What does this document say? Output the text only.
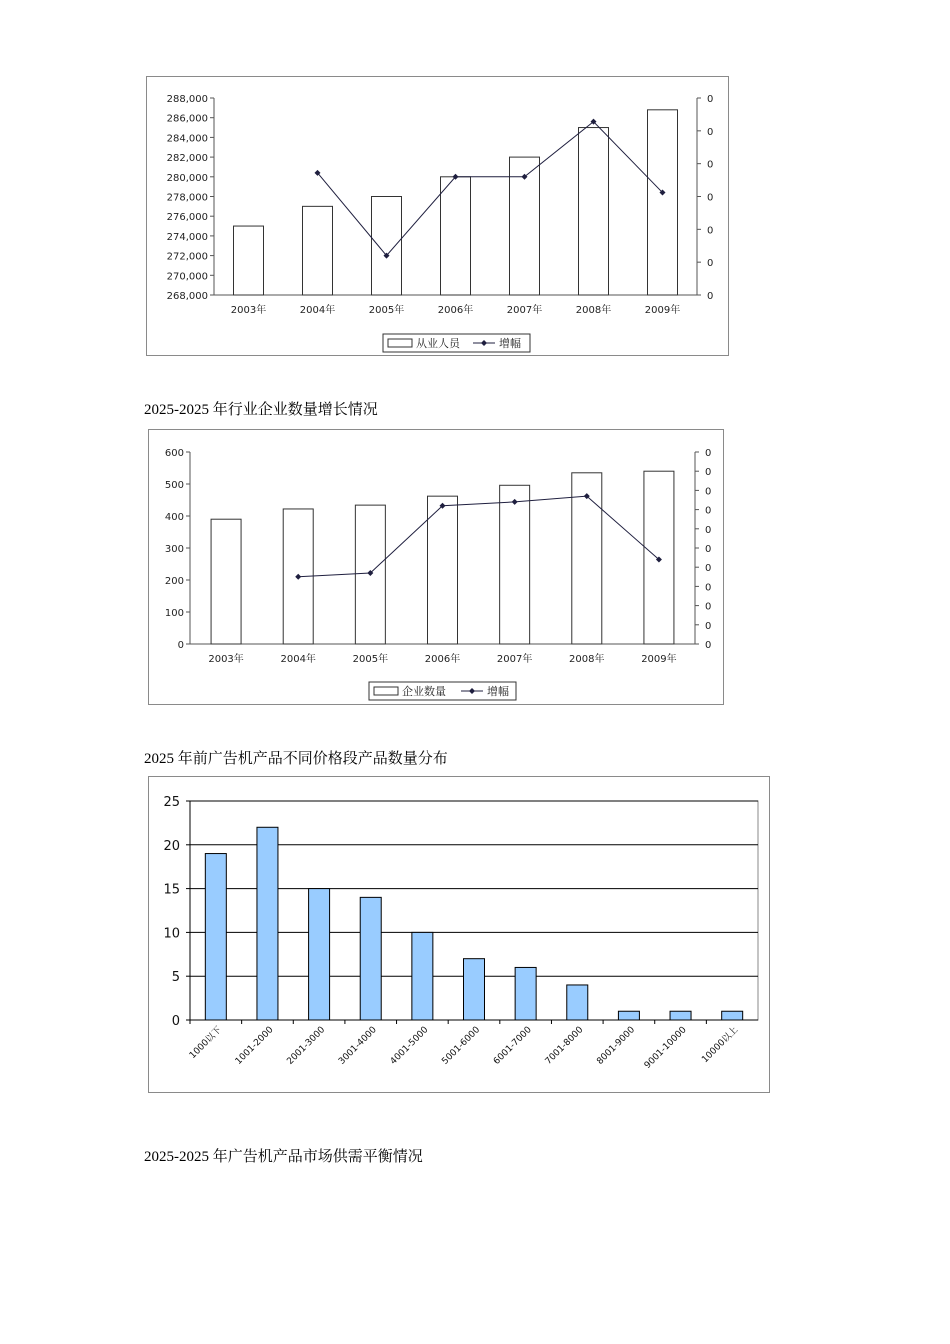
268,000
270,000
272,000
274,000
276,000
278,000
280,000
282,000
284,000
286,000
288,000
0
0
0
0
0
0
0
2003年	2004年	2005年	2006年	2007年	2008年	2009年
从业人员	增幅
2025-2025 年行业企业数量增长情况
0
100
200
300
400
500
600
0
0
0
0
0
0
0
0
0
0
0
2003年	2004年	2005年	2006年	2007年	2008年	2009年
企业数量	增幅
2025 年前广告机产品不同价格段产品数量分布
0
5
10
15
20
25
1000以下 1001-2000 2001-3000 3001-4000 4001-5000 5001-6000 6001-7000 7001-8000 8001-9000 9001-10000 10000以上
2025-2025 年广告机产品市场供需平衡情况
